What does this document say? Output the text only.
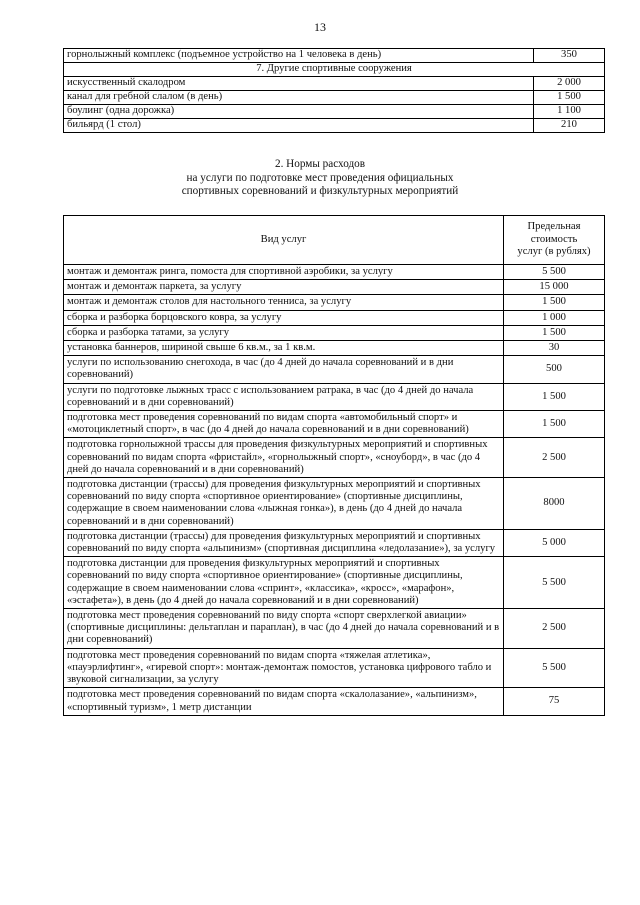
13
горнолыжный комплекс (подъемное устройство на 1 человека в день)	350
7. Другие спортивные сооружения	
искусственный скалодром	2 000
канал для гребной слалом (в день)	1 500
боулинг (одна дорожка)	1 100
бильярд (1 стол)	210
2. Нормы расходов
на услуги по подготовке мест проведения официальных
спортивных соревнований и физкультурных мероприятий
Вид услуг	Предельная
стоимость
услуг (в рублях)

монтаж и демонтаж ринга, помоста для спортивной аэробики, за услугу	5 500
монтаж и демонтаж паркета, за услугу	15 000
монтаж и демонтаж столов для настольного тенниса, за услугу	1 500
сборка и разборка борцовского ковра, за услугу	1 000
сборка и разборка татами, за услугу	1 500
установка баннеров, шириной свыше 6 кв.м., за 1 кв.м.	30
услуги по использованию снегохода, в час (до 4 дней до начала соревнований и в дни соревнований)	500
услуги по подготовке лыжных трасс с использованием ратрака, в час (до 4 дней до начала соревнований и в дни соревнований)	1 500
подготовка мест проведения соревнований по видам спорта «автомобильный спорт» и «мотоциклетный спорт», в час (до 4 дней до начала соревнований и в дни соревнований)	1 500
подготовка горнолыжной трассы для проведения физкультурных мероприятий и спортивных соревнований по видам спорта «фристайл», «горнолыжный спорт», «сноуборд», в час (до 4 дней до начала соревнований и в дни соревнований)	2 500
подготовка дистанции (трассы) для проведения физкультурных мероприятий и спортивных соревнований по виду спорта «спортивное ориентирование» (спортивные дисциплины, содержащие в своем наименовании слова «лыжная гонка»), в день (до 4 дней до начала соревнований и в дни соревнований)	8000
подготовка дистанции (трассы) для проведения физкультурных мероприятий и спортивных соревнований по виду спорта «альпинизм» (спортивная дисциплина «ледолазание»), за услугу	5 000
подготовка дистанции для проведения физкультурных мероприятий и спортивных соревнований по виду спорта «спортивное ориентирование» (спортивные дисциплины, содержащие в своем наименовании слова «спринт», «классика», «кросс», «марафон», «эстафета»), в день (до 4 дней до начала соревнований и в дни соревнований)	5 500
подготовка мест проведения соревнований по виду спорта «спорт сверхлегкой авиации» (спортивные дисциплины: дельтаплан и параплан), в час (до 4 дней до начала соревнований и в дни соревнований)	2 500
подготовка мест проведения соревнований по видам спорта «тяжелая атлетика», «пауэрлифтинг», «гиревой спорт»: монтаж-демонтаж помостов, установка цифрового табло и звуковой сигнализации, за услугу	5 500
подготовка мест проведения соревнований по видам спорта «скалолазание», «альпинизм», «спортивный туризм», 1 метр дистанции	75
